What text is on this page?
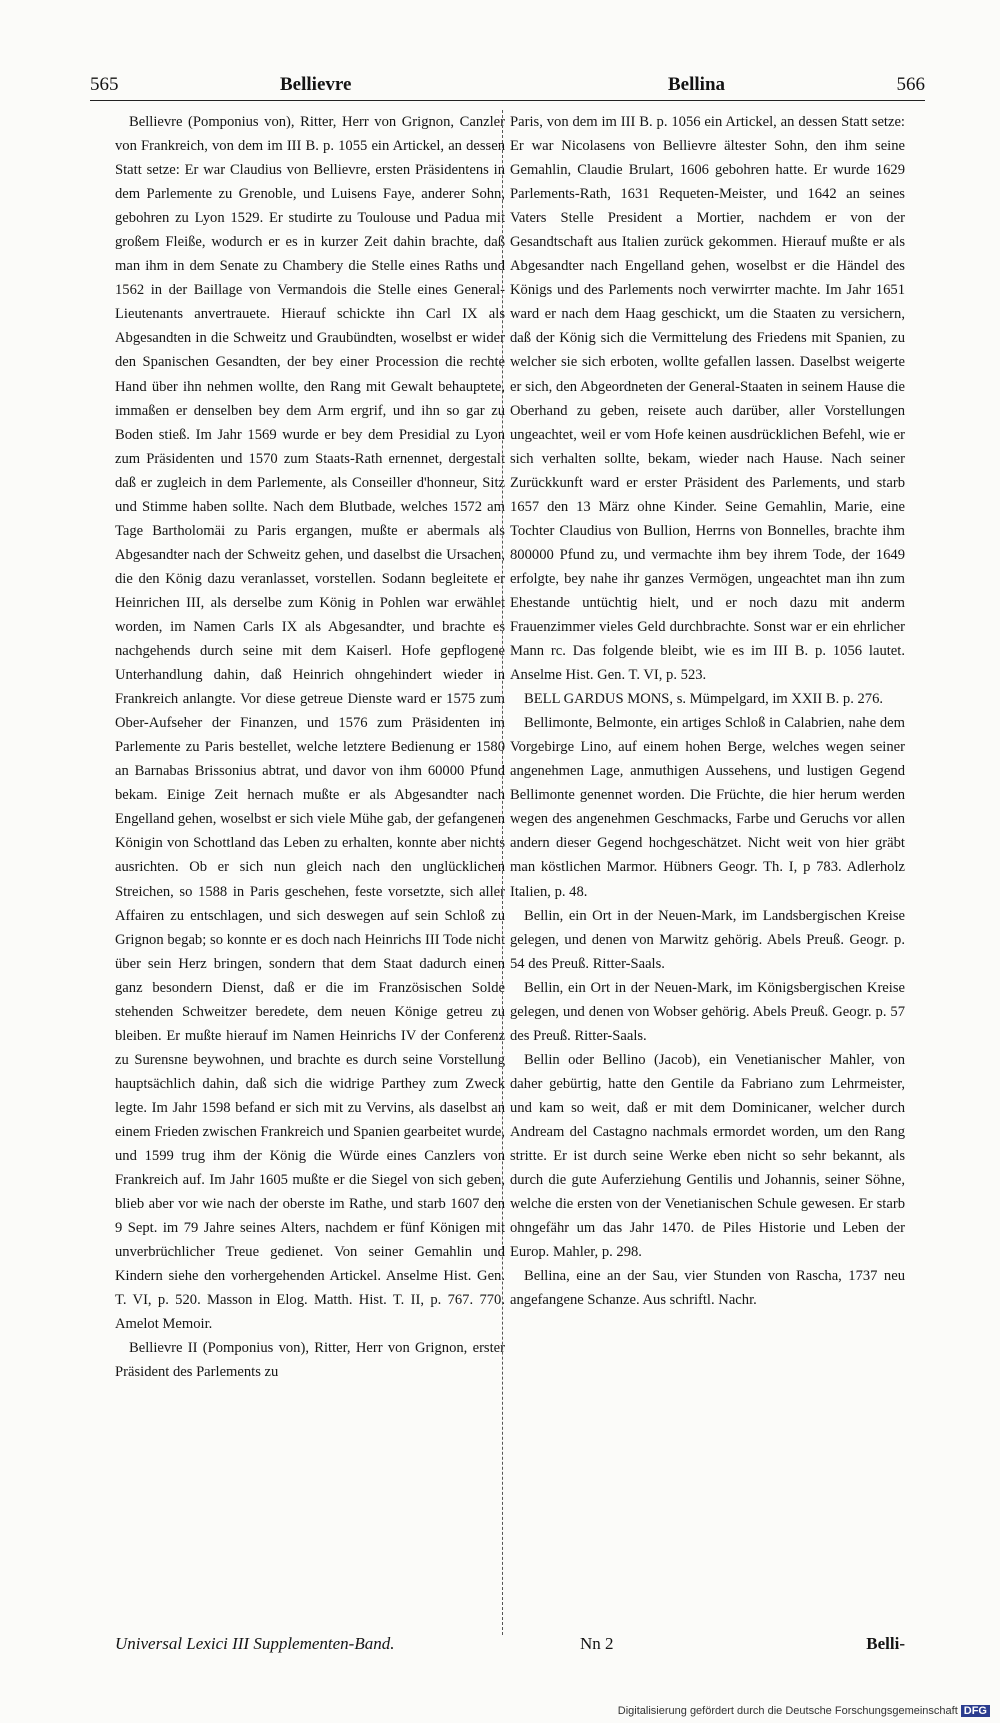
565	Bellievre	Bellina	566

Bellievre (Pomponius von), Ritter, Herr von Grignon, Canzler von Frankreich, von dem im III B. p. 1055 ein Artickel, an dessen Statt setze: Er war Claudius von Bellievre, ersten Präsidentens in dem Parlemente zu Grenoble, und Luisens Faye, anderer Sohn, gebohren zu Lyon 1529. Er studirte zu Toulouse und Padua mit großem Fleiße, wodurch er es in kurzer Zeit dahin brachte, daß man ihm in dem Senate zu Chambery die Stelle eines Raths und 1562 in der Baillage von Vermandois die Stelle eines General-Lieutenants anvertrauete. Hierauf schickte ihn Carl IX als Abgesandten in die Schweitz und Graubündten, woselbst er wider den Spanischen Gesandten, der bey einer Procession die rechte Hand über ihn nehmen wollte, den Rang mit Gewalt behauptete, immaßen er denselben bey dem Arm ergrif, und ihn so gar zu Boden stieß. Im Jahr 1569 wurde er bey dem Presidial zu Lyon zum Präsidenten und 1570 zum Staats-Rath ernennet, dergestalt daß er zugleich in dem Parlemente, als Conseiller d'honneur, Sitz und Stimme haben sollte. Nach dem Blutbade, welches 1572 am Tage Bartholomäi zu Paris ergangen, mußte er abermals als Abgesandter nach der Schweitz gehen, und daselbst die Ursachen, die den König dazu veranlasset, vorstellen. Sodann begleitete er Heinrichen III, als derselbe zum König in Pohlen war erwählet worden, im Namen Carls IX als Abgesandter, und brachte es nachgehends durch seine mit dem Kaiserl. Hofe gepflogene Unterhandlung dahin, daß Heinrich ohngehindert wieder in Frankreich anlangte. Vor diese getreue Dienste ward er 1575 zum Ober-Aufseher der Finanzen, und 1576 zum Präsidenten im Parlemente zu Paris bestellet, welche letztere Bedienung er 1580 an Barnabas Brissonius abtrat, und davor von ihm 60000 Pfund bekam. Einige Zeit hernach mußte er als Abgesandter nach Engelland gehen, woselbst er sich viele Mühe gab, der gefangenen Königin von Schottland das Leben zu erhalten, konnte aber nichts ausrichten. Ob er sich nun gleich nach den unglücklichen Streichen, so 1588 in Paris geschehen, feste vorsetzte, sich aller Affairen zu entschlagen, und sich deswegen auf sein Schloß zu Grignon begab; so konnte er es doch nach Heinrichs III Tode nicht über sein Herz bringen, sondern that dem Staat dadurch einen ganz besondern Dienst, daß er die im Französischen Solde stehenden Schweitzer beredete, dem neuen Könige getreu zu bleiben. Er mußte hierauf im Namen Heinrichs IV der Conferenz zu Surensne beywohnen, und brachte es durch seine Vorstellung hauptsächlich dahin, daß sich die widrige Parthey zum Zweck legte. Im Jahr 1598 befand er sich mit zu Vervins, als daselbst an einem Frieden zwischen Frankreich und Spanien gearbeitet wurde, und 1599 trug ihm der König die Würde eines Canzlers von Frankreich auf. Im Jahr 1605 mußte er die Siegel von sich geben, blieb aber vor wie nach der oberste im Rathe, und starb 1607 den 9 Sept. im 79 Jahre seines Alters, nachdem er fünf Königen mit unverbrüchlicher Treue gedienet. Von seiner Gemahlin und Kindern siehe den vorhergehenden Artickel. Anselme Hist. Gen. T. VI, p. 520. Masson in Elog. Matth. Hist. T. II, p. 767. 770. Amelot Memoir.

Bellievre II (Pomponius von), Ritter, Herr von Grignon, erster Präsident des Parlements zu

Paris, von dem im III B. p. 1056 ein Artickel, an dessen Statt setze: Er war Nicolasens von Bellievre ältester Sohn, den ihm seine Gemahlin, Claudie Brulart, 1606 gebohren hatte. Er wurde 1629 Parlements-Rath, 1631 Requeten-Meister, und 1642 an seines Vaters Stelle President a Mortier, nachdem er von der Gesandtschaft aus Italien zurück gekommen. Hierauf mußte er als Abgesandter nach Engelland gehen, woselbst er die Händel des Königs und des Parlements noch verwirrter machte. Im Jahr 1651 ward er nach dem Haag geschickt, um die Staaten zu versichern, daß der König sich die Vermittelung des Friedens mit Spanien, zu welcher sie sich erboten, wollte gefallen lassen. Daselbst weigerte er sich, den Abgeordneten der General-Staaten in seinem Hause die Oberhand zu geben, reisete auch darüber, aller Vorstellungen ungeachtet, weil er vom Hofe keinen ausdrücklichen Befehl, wie er sich verhalten sollte, bekam, wieder nach Hause. Nach seiner Zurückkunft ward er erster Präsident des Parlements, und starb 1657 den 13 März ohne Kinder. Seine Gemahlin, Marie, eine Tochter Claudius von Bullion, Herrns von Bonnelles, brachte ihm 800000 Pfund zu, und vermachte ihm bey ihrem Tode, der 1649 erfolgte, bey nahe ihr ganzes Vermögen, ungeachtet man ihn zum Ehestande untüchtig hielt, und er noch dazu mit anderm Frauenzimmer vieles Geld durchbrachte. Sonst war er ein ehrlicher Mann rc. Das folgende bleibt, wie es im III B. p. 1056 lautet. Anselme Hist. Gen. T. VI, p. 523.

BELL GARDUS MONS, s. Mümpelgard, im XXII B. p. 276.

Bellimonte, Belmonte, ein artiges Schloß in Calabrien, nahe dem Vorgebirge Lino, auf einem hohen Berge, welches wegen seiner angenehmen Lage, anmuthigen Aussehens, und lustigen Gegend Bellimonte genennet worden. Die Früchte, die hier herum werden wegen des angenehmen Geschmacks, Farbe und Geruchs vor allen andern dieser Gegend hochgeschätzet. Nicht weit von hier gräbt man köstlichen Marmor. Hübners Geogr. Th. I, p 783. Adlerholz Italien, p. 48.

Bellin, ein Ort in der Neuen-Mark, im Landsbergischen Kreise gelegen, und denen von Marwitz gehörig. Abels Preuß. Geogr. p. 54 des Preuß. Ritter-Saals.

Bellin, ein Ort in der Neuen-Mark, im Königsbergischen Kreise gelegen, und denen von Wobser gehörig. Abels Preuß. Geogr. p. 57 des Preuß. Ritter-Saals.

Bellin oder Bellino (Jacob), ein Venetianischer Mahler, von daher gebürtig, hatte den Gentile da Fabriano zum Lehrmeister, und kam so weit, daß er mit dem Dominicaner, welcher durch Andream del Castagno nachmals ermordet worden, um den Rang stritte. Er ist durch seine Werke eben nicht so sehr bekannt, als durch die gute Auferziehung Gentilis und Johannis, seiner Söhne, welche die ersten von der Venetianischen Schule gewesen. Er starb ohngefähr um das Jahr 1470. de Piles Historie und Leben der Europ. Mahler, p. 298.

Bellina, eine an der Sau, vier Stunden von Rascha, 1737 neu angefangene Schanze. Aus schriftl. Nachr.

Universal Lexici III Supplementen-Band.	Nn 2	Belli-
Digitalisierung gefördert durch die Deutsche Forschungsgemeinschaft DFG
